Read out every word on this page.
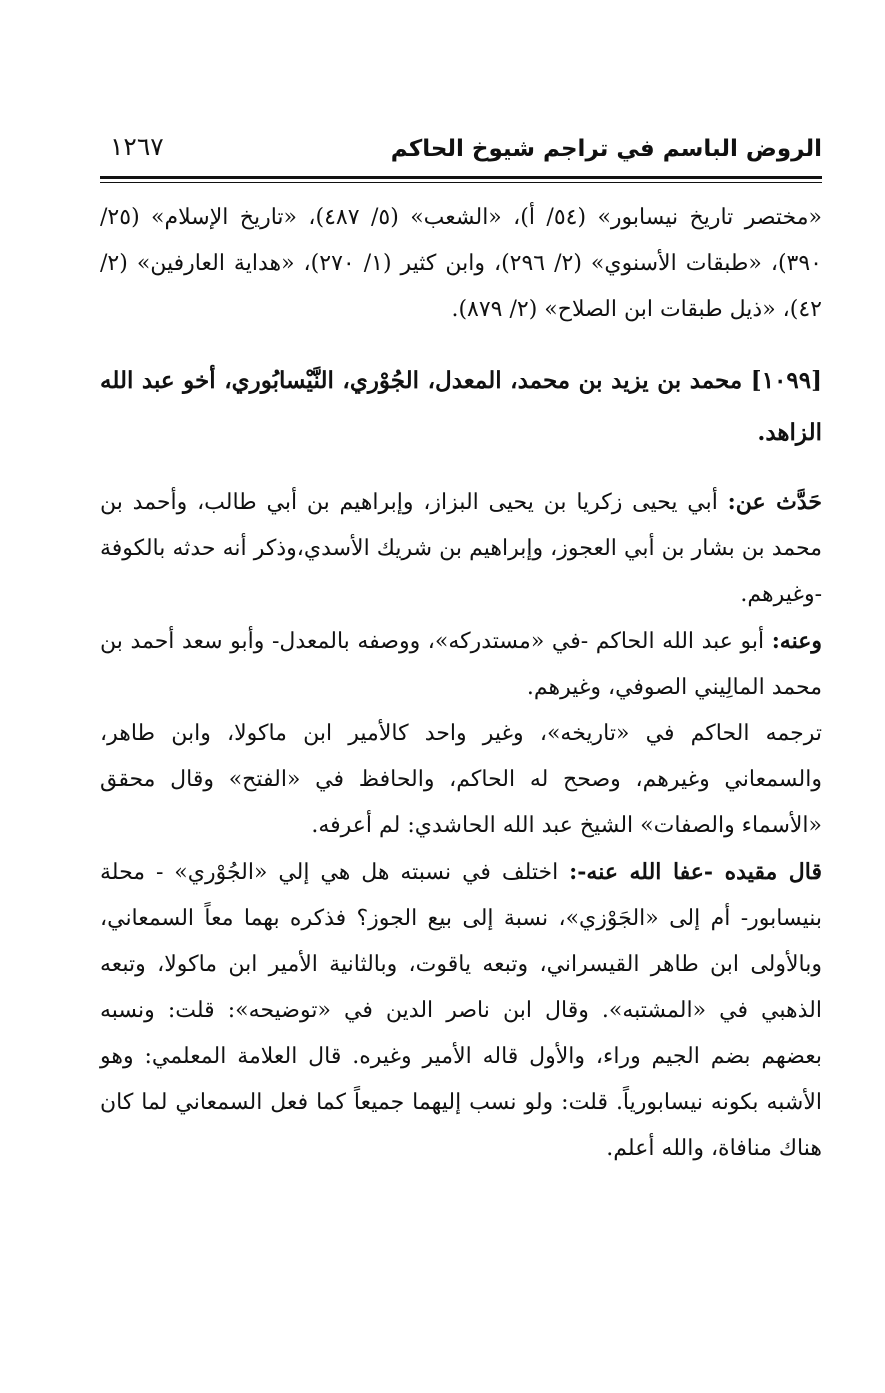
الروض الباسم في تراجم شيوخ الحاكم
١٢٦٧

«مختصر تاريخ نيسابور» (٥٤/ أ)، «الشعب» (٥/ ٤٨٧)، «تاريخ الإسلام» (٢٥/ ٣٩٠)، «طبقات الأسنوي» (٢/ ٢٩٦)، وابن كثير (١/ ٢٧٠)، «هداية العارفين» (٢/ ٤٢)، «ذيل طبقات ابن الصلاح» (٢/ ٨٧٩).

[١٠٩٩] محمد بن يزيد بن محمد، المعدل، الجُوْري، النَّيْسابُوري، أخو عبد الله الزاهد.

حَدَّث عن: أبي يحيى زكريا بن يحيى البزاز، وإبراهيم بن أبي طالب، وأحمد بن محمد بن بشار بن أبي العجوز، وإبراهيم بن شريك الأسدي،وذكر أنه حدثه بالكوفة -وغيرهم.

وعنه: أبو عبد الله الحاكم -في «مستدركه»، ووصفه بالمعدل- وأبو سعد أحمد بن محمد المالِيني الصوفي، وغيرهم.

ترجمه الحاكم في «تاريخه»، وغير واحد كالأمير ابن ماكولا، وابن طاهر، والسمعاني وغيرهم، وصحح له الحاكم، والحافظ في «الفتح» وقال محقق «الأسماء والصفات» الشيخ عبد الله الحاشدي: لم أعرفه.

قال مقيده -عفا الله عنه-: اختلف في نسبته هل هي إلي «الجُوْري» - محلة بنيسابور- أم إلى «الجَوْزي»، نسبة إلى بيع الجوز؟ فذكره بهما معاً السمعاني، وبالأولى ابن طاهر القيسراني، وتبعه ياقوت، وبالثانية الأمير ابن ماكولا، وتبعه الذهبي في «المشتبه». وقال ابن ناصر الدين في «توضيحه»: قلت: ونسبه بعضهم بضم الجيم وراء، والأول قاله الأمير وغيره. قال العلامة المعلمي: وهو الأشبه بكونه نيسابورياً. قلت: ولو نسب إليهما جميعاً كما فعل السمعاني لما كان هناك منافاة، والله أعلم.
